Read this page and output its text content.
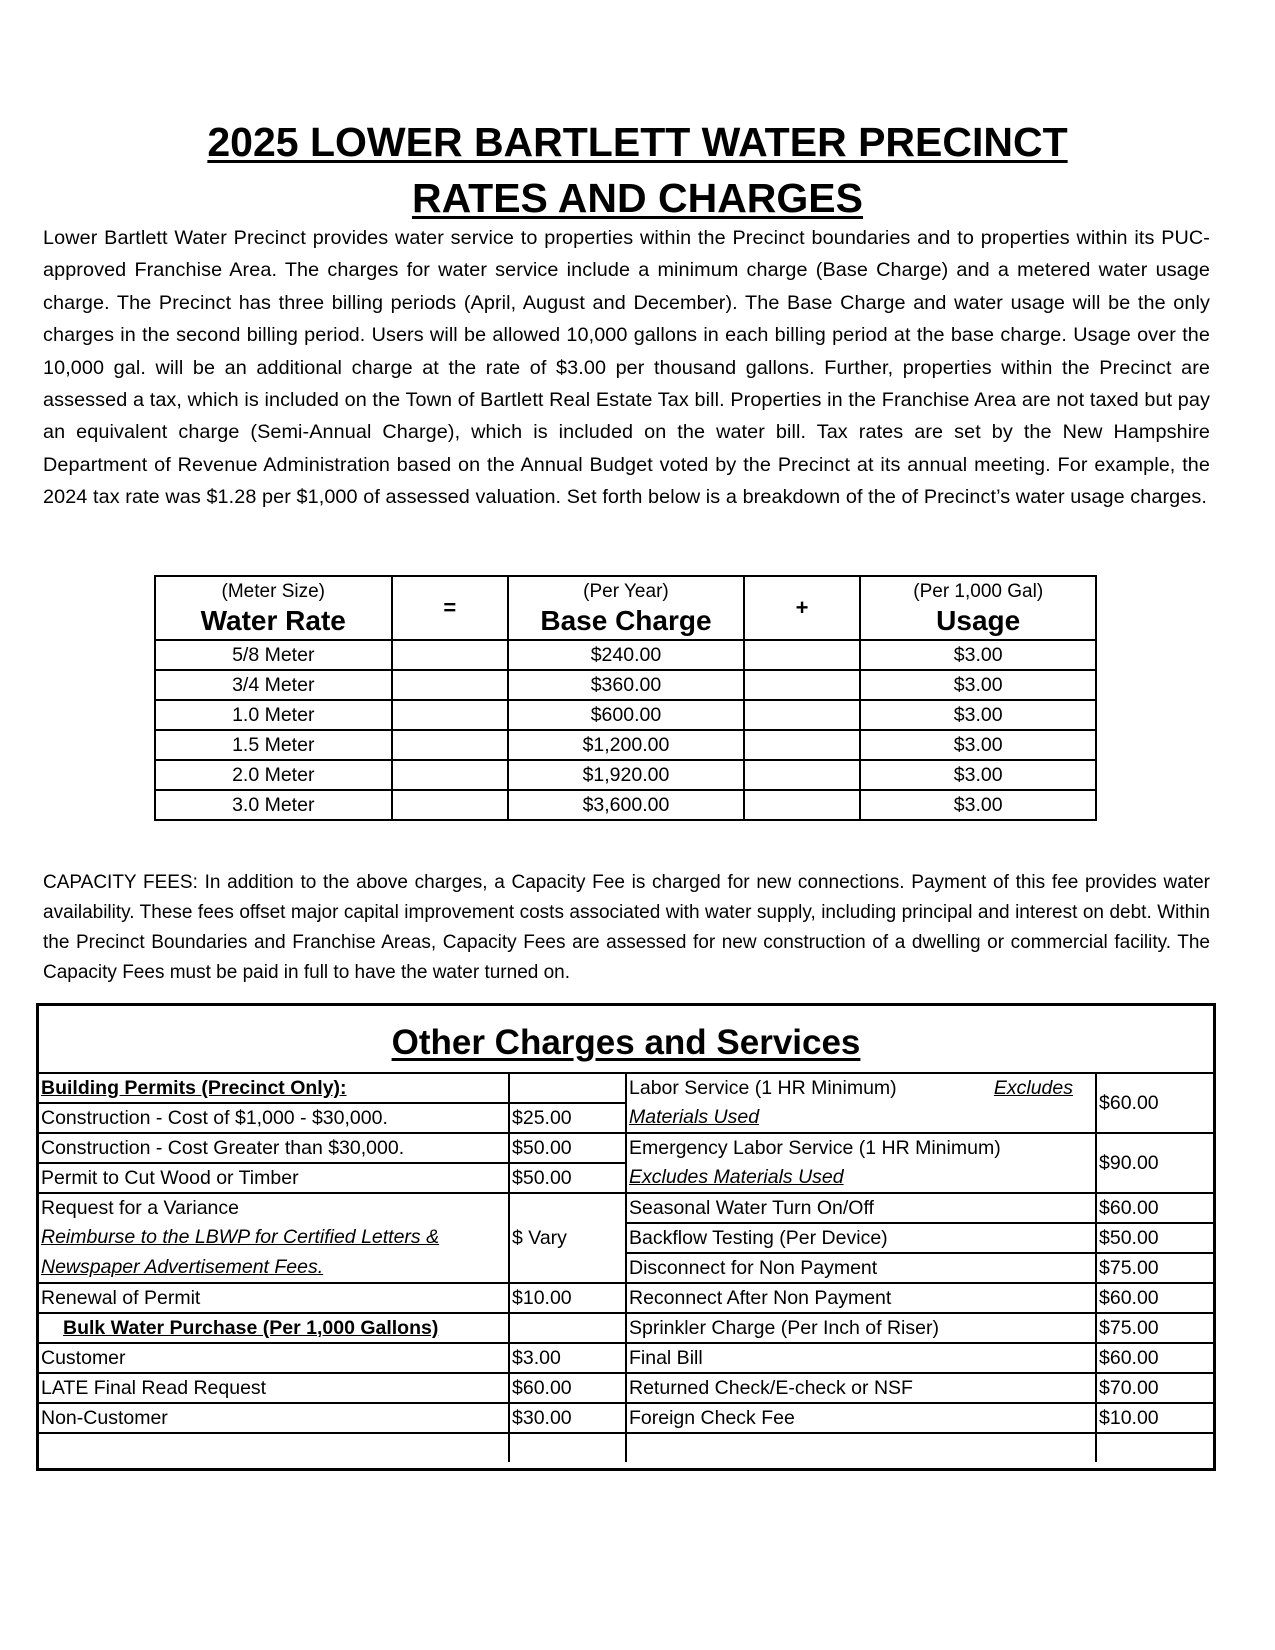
2025 LOWER BARTLETT WATER PRECINCT
RATES AND CHARGES
Lower Bartlett Water Precinct provides water service to properties within the Precinct boundaries and to properties within its PUC-approved Franchise Area. The charges for water service include a minimum charge (Base Charge) and a metered water usage charge. The Precinct has three billing periods (April, August and December). The Base Charge and water usage will be the only charges in the second billing period. Users will be allowed 10,000 gallons in each billing period at the base charge. Usage over the 10,000 gal. will be an additional charge at the rate of $3.00 per thousand gallons. Further, properties within the Precinct are assessed a tax, which is included on the Town of Bartlett Real Estate Tax bill. Properties in the Franchise Area are not taxed but pay an equivalent charge (Semi-Annual Charge), which is included on the water bill. Tax rates are set by the New Hampshire Department of Revenue Administration based on the Annual Budget voted by the Precinct at its annual meeting. For example, the 2024 tax rate was $1.28 per $1,000 of assessed valuation. Set forth below is a breakdown of the of Precinct’s water usage charges.
(Meter Size)	=	(Per Year)	+	(Per 1,000 Gal)
Water Rate		Base Charge		Usage
5/8 Meter		$240.00		$3.00
3/4 Meter		$360.00		$3.00
1.0 Meter		$600.00		$3.00
1.5 Meter		$1,200.00		$3.00
2.0 Meter		$1,920.00		$3.00
3.0 Meter		$3,600.00		$3.00
CAPACITY FEES: In addition to the above charges, a Capacity Fee is charged for new connections. Payment of this fee provides water availability. These fees offset major capital improvement costs associated with water supply, including principal and interest on debt. Within the Precinct Boundaries and Franchise Areas, Capacity Fees are assessed for new construction of a dwelling or commercial facility. The Capacity Fees must be paid in full to have the water turned on.
Other Charges and Services
Building Permits (Precinct Only):		Labor Service (1 HR Minimum) Excludes	$60.00
Construction - Cost of $1,000 - $30,000.	$25.00	Materials Used	
Construction - Cost Greater than $30,000.	$50.00	Emergency Labor Service (1 HR Minimum)	$90.00
Permit to Cut Wood or Timber	$50.00	Excludes Materials Used	
Request for a Variance	$ Vary	Seasonal Water Turn On/Off	$60.00
Reimburse to the LBWP for Certified Letters &		Backflow Testing (Per Device)	$50.00
Newspaper Advertisement Fees.		Disconnect for Non Payment	$75.00
Renewal of Permit	$10.00	Reconnect After Non Payment	$60.00
Bulk Water Purchase (Per 1,000 Gallons)		Sprinkler Charge (Per Inch of Riser)	$75.00
Customer	$3.00	Final Bill	$60.00
LATE Final Read Request	$60.00	Returned Check/E-check or NSF	$70.00
Non-Customer	$30.00	Foreign Check Fee	$10.00
